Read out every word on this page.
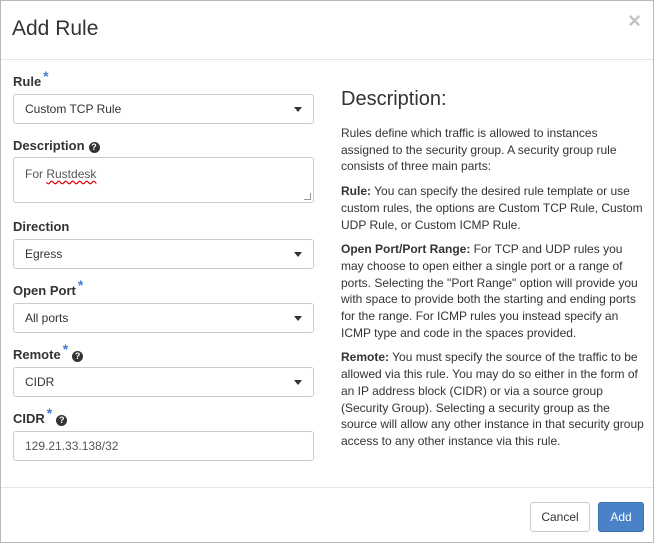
Add Rule	×
Rule *
Custom TCP Rule
Description ?
For Rustdesk
Direction
Egress
Open Port *
All ports
Remote * ?
CIDR
CIDR * ?
129.21.33.138/32
Description:

Rules define which traffic is allowed to instances assigned to the security group. A security group rule consists of three main parts:

Rule: You can specify the desired rule template or use custom rules, the options are Custom TCP Rule, Custom UDP Rule, or Custom ICMP Rule.

Open Port/Port Range: For TCP and UDP rules you may choose to open either a single port or a range of ports. Selecting the "Port Range" option will provide you with space to provide both the starting and ending ports for the range. For ICMP rules you instead specify an ICMP type and code in the spaces provided.

Remote: You must specify the source of the traffic to be allowed via this rule. You may do so either in the form of an IP address block (CIDR) or via a source group (Security Group). Selecting a security group as the source will allow any other instance in that security group access to any other instance via this rule.

Cancel	Add
